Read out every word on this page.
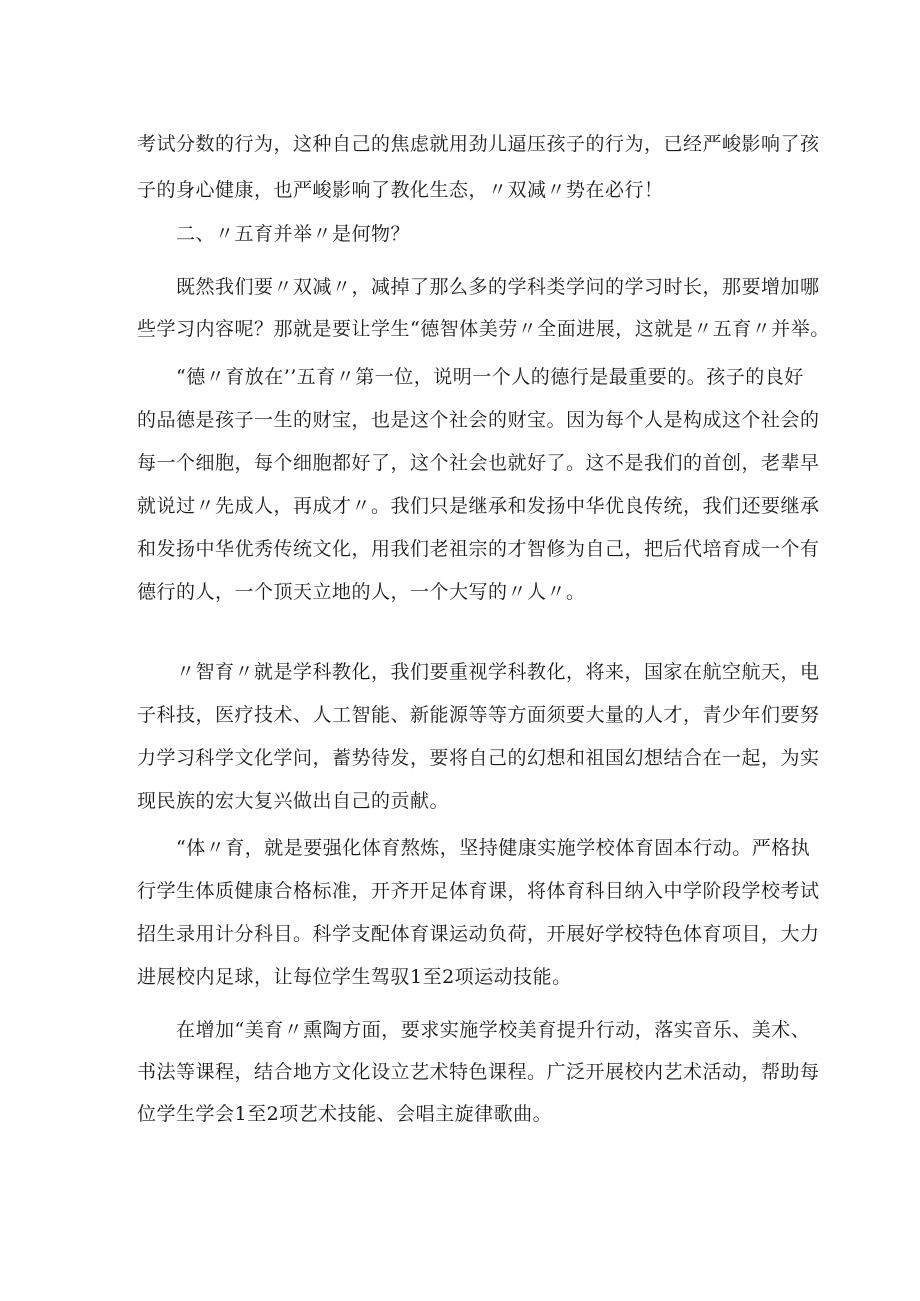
考试分数的行为，这种自己的焦虑就用劲儿逼压孩子的行为，已经严峻影响了孩
子的身心健康，也严峻影响了教化生态，〃双减〃势在必行！

　　二、〃五育并举〃是何物？

　　既然我们要〃双减〃，减掉了那么多的学科类学问的学习时长，那要增加哪
些学习内容呢？那就是要让学生“德智体美劳〃全面进展，这就是〃五育〃并举。

　　“德〃育放在’’五育〃第一位，说明一个人的德行是最重要的。孩子的良好
的品德是孩子一生的财宝，也是这个社会的财宝。因为每个人是构成这个社会的
每一个细胞，每个细胞都好了，这个社会也就好了。这不是我们的首创，老辈早
就说过〃先成人，再成才〃。我们只是继承和发扬中华优良传统，我们还要继承
和发扬中华优秀传统文化，用我们老祖宗的才智修为自己，把后代培育成一个有
德行的人，一个顶天立地的人，一个大写的〃人〃。

　　〃智育〃就是学科教化，我们要重视学科教化，将来，国家在航空航天，电
子科技，医疗技术、人工智能、新能源等等方面须要大量的人才，青少年们要努
力学习科学文化学问，蓄势待发，要将自己的幻想和祖国幻想结合在一起，为实
现民族的宏大复兴做出自己的贡献。

　　“体〃育，就是要强化体育熬炼，坚持健康实施学校体育固本行动。严格执
行学生体质健康合格标准，开齐开足体育课，将体育科目纳入中学阶段学校考试
招生录用计分科目。科学支配体育课运动负荷，开展好学校特色体育项目，大力
进展校内足球，让每位学生驾驭1至2项运动技能。

　　在增加“美育〃熏陶方面，要求实施学校美育提升行动，落实音乐、美术、
书法等课程，结合地方文化设立艺术特色课程。广泛开展校内艺术活动，帮助每
位学生学会1至2项艺术技能、会唱主旋律歌曲。
